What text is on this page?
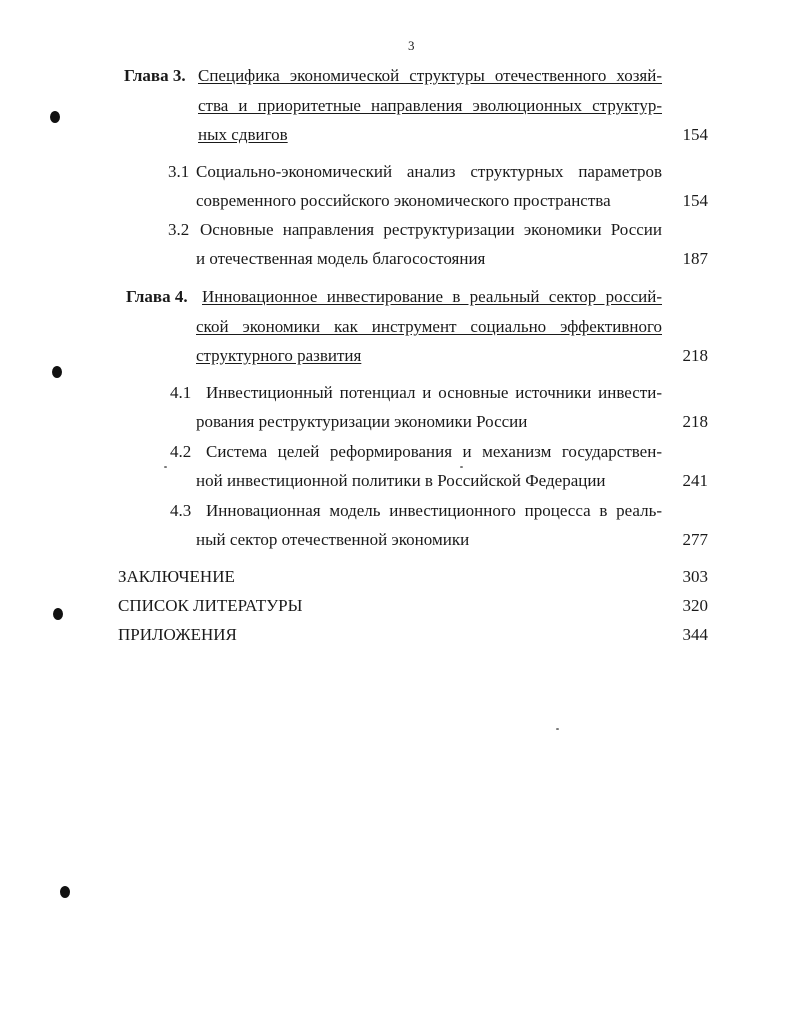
3
Глава 3. Специфика экономической структуры отечественного хозяй-
ства и приоритетные направления эволюционных структур-
ных сдвигов	154
3.1 Социально-экономический анализ структурных параметров
современного российского экономического пространства	154
3.2 Основные направления реструктуризации экономики России
и отечественная модель благосостояния	187
Глава 4. Инновационное инвестирование в реальный сектор россий-
ской экономики как инструмент социально эффективного
структурного развития	218
4.1 Инвестиционный потенциал и основные источники инвести-
рования реструктуризации экономики России	218
4.2 Система целей реформирования и механизм государствен-
ной инвестиционной политики в Российской Федерации	241
4.3 Инновационная модель инвестиционного процесса в реаль-
ный сектор отечественной экономики	277
ЗАКЛЮЧЕНИЕ	303
СПИСОК ЛИТЕРАТУРЫ	320
ПРИЛОЖЕНИЯ	344
